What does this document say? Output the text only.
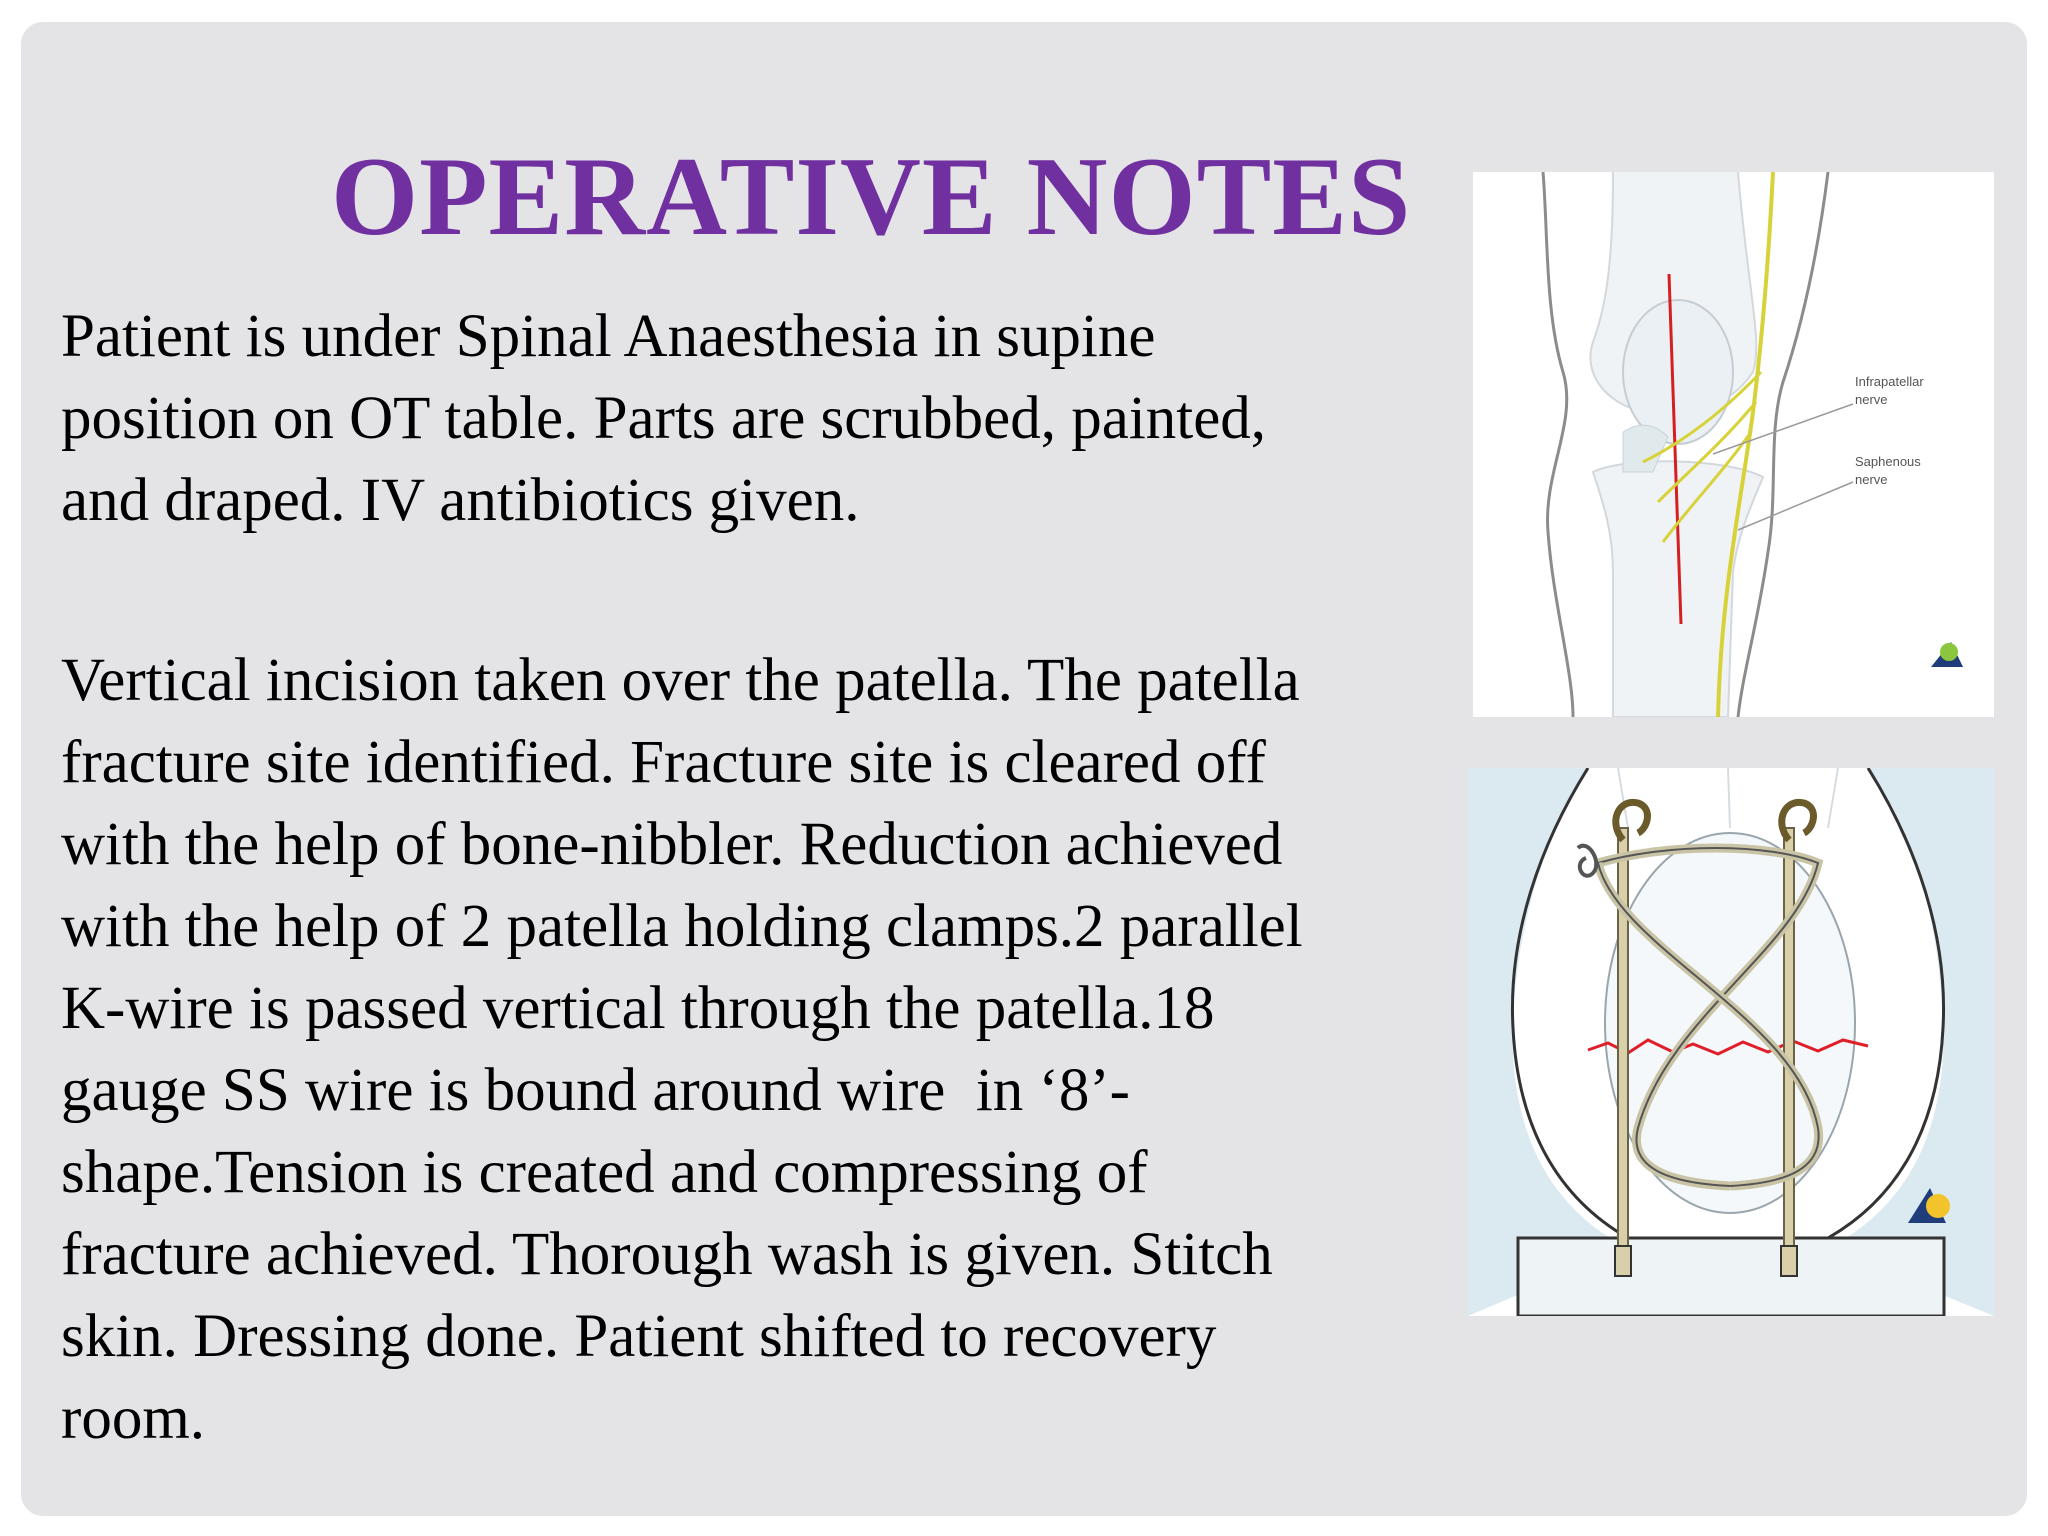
OPERATIVE NOTES

Patient is under Spinal Anaesthesia in supine
position on OT table. Parts are scrubbed, painted,
and draped. IV antibiotics given.

Vertical incision taken over the patella. The patella
fracture site identified. Fracture site is cleared off
with the help of bone-nibbler. Reduction achieved
with the help of 2 patella holding clamps.2 parallel
K-wire is passed vertical through the patella.18
gauge SS wire is bound around wire  in ‘8’-
shape.Tension is created and compressing of
fracture achieved. Thorough wash is given. Stitch
skin. Dressing done. Patient shifted to recovery
room.

Infrapatellar
nerve
Saphenous
nerve
